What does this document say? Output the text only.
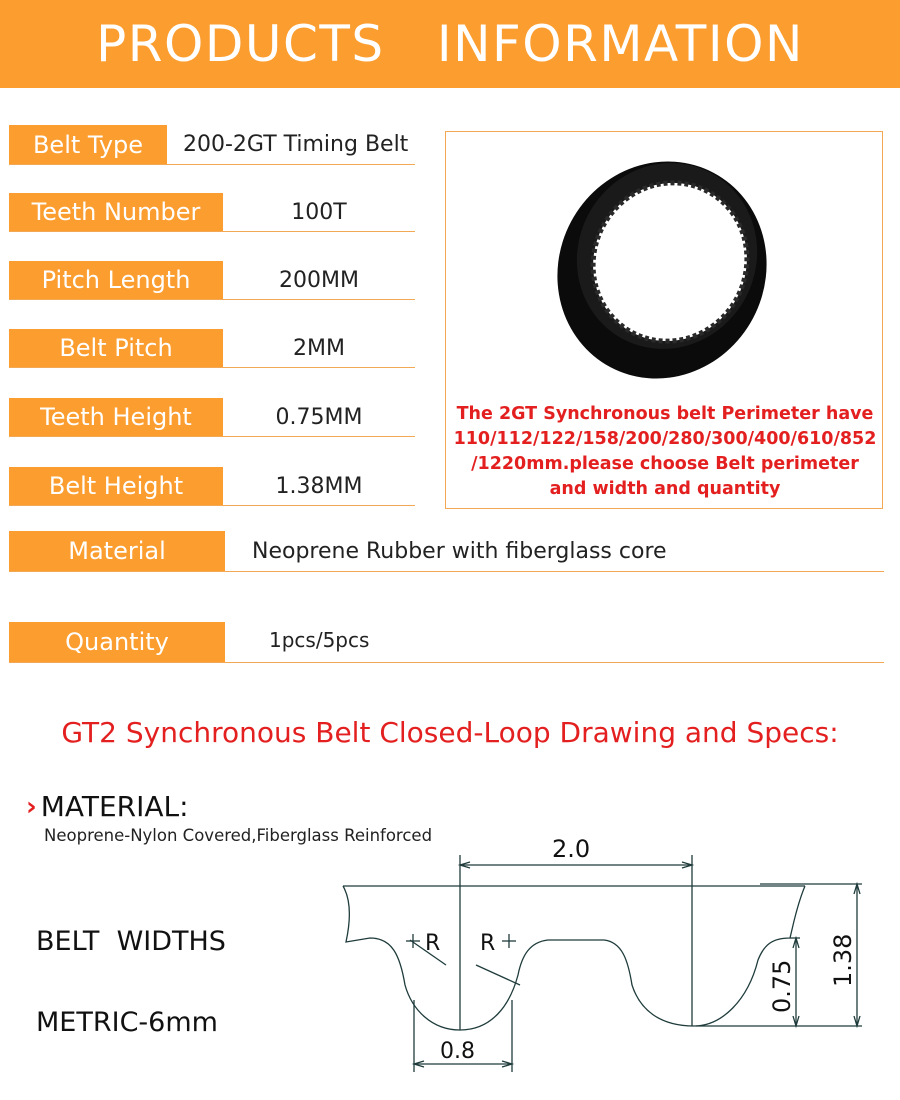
PRODUCTS   INFORMATION
Belt Type	200-2GT Timing Belt
Teeth Number	100T
Pitch Length	200MM
Belt Pitch	2MM
Teeth Height	0.75MM
Belt Height	1.38MM
Material	Neoprene Rubber with fiberglass core
Quantity	1pcs/5pcs
The 2GT Synchronous belt Perimeter have
110/112/122/158/200/280/300/400/610/852
/1220mm.please choose Belt perimeter
and width and quantity
GT2 Synchronous Belt Closed-Loop Drawing and Specs:
› MATERIAL:
Neoprene-Nylon Covered,Fiberglass Reinforced

BELT  WIDTHS

METRIC-6mm

2.0
R R
0.8
1.38
0.75
